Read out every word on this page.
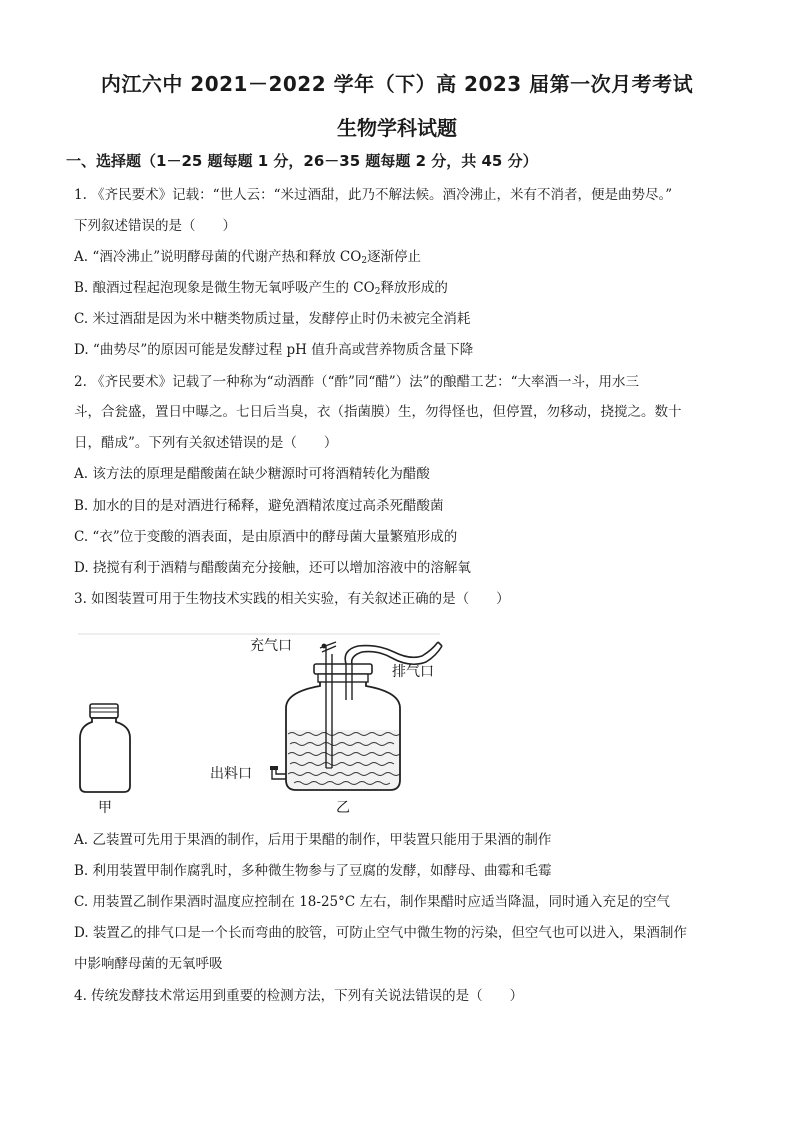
内江六中 2021－2022 学年（下）高 2023 届第一次月考考试
生物学科试题
一、选择题（1－25 题每题 1 分，26－35 题每题 2 分，共 45 分）
1. 《齐民要术》记载：“世人云：“米过酒甜，此乃不解法候。酒冷沸止，米有不消者，便是曲势尽。”
下列叙述错误的是（　　）
A. “酒冷沸止”说明酵母菌的代谢产热和释放 $CO_2$逐渐停止
B. 酿酒过程起泡现象是微生物无氧呼吸产生的 $CO_2$释放形成的
C. 米过酒甜是因为米中糖类物质过量，发酵停止时仍未被完全消耗
D. “曲势尽”的原因可能是发酵过程 pH 值升高或营养物质含量下降
2. 《齐民要术》记载了一种称为“动酒酢（“酢”同“醋”）法”的酿醋工艺：“大率酒一斗，用水三
斗，合瓮盛，置日中曝之。七日后当臭，衣（指菌膜）生，勿得怪也，但停置，勿移动，挠搅之。数十
日，醋成”。下列有关叙述错误的是（　　）
A. 该方法的原理是醋酸菌在缺少糖源时可将酒精转化为醋酸
B. 加水的目的是对酒进行稀释，避免酒精浓度过高杀死醋酸菌
C. “衣”位于变酸的酒表面，是由原酒中的酵母菌大量繁殖形成的
D. 挠搅有利于酒精与醋酸菌充分接触，还可以增加溶液中的溶解氧
3. 如图装置可用于生物技术实践的相关实验，有关叙述正确的是（　　）
甲
充气口
排气口
出料口
乙
A. 乙装置可先用于果酒的制作，后用于果醋的制作，甲装置只能用于果酒的制作
B. 利用装置甲制作腐乳时，多种微生物参与了豆腐的发酵，如酵母、曲霉和毛霉
C. 用装置乙制作果酒时温度应控制在 18-25°C 左右，制作果醋时应适当降温，同时通入充足的空气
D. 装置乙的排气口是一个长而弯曲的胶管，可防止空气中微生物的污染，但空气也可以进入，果酒制作
中影响酵母菌的无氧呼吸
4. 传统发酵技术常运用到重要的检测方法，下列有关说法错误的是（　　）
